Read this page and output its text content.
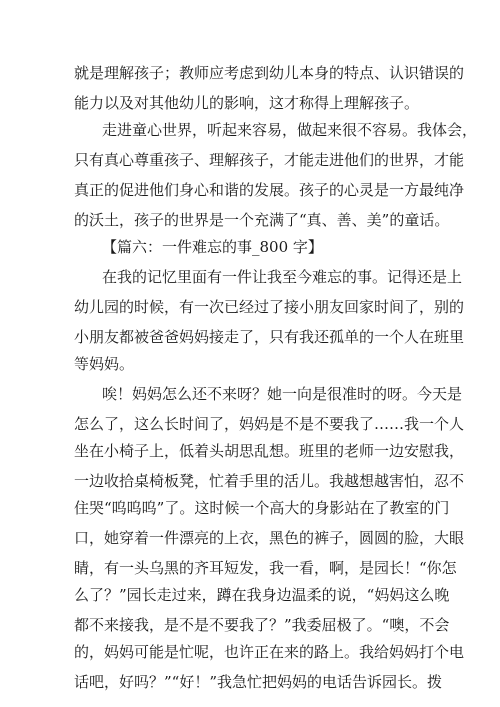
就是理解孩子；教师应考虑到幼儿本身的特点、认识错误的
能力以及对其他幼儿的影响，这才称得上理解孩子。
走进童心世界，听起来容易，做起来很不容易。我体会，
只有真心尊重孩子、理解孩子，才能走进他们的世界，才能
真正的促进他们身心和谐的发展。孩子的心灵是一方最纯净
的沃土，孩子的世界是一个充满了“真、善、美”的童话。
【篇六：一件难忘的事_800 字】
在我的记忆里面有一件让我至今难忘的事。记得还是上
幼儿园的时候，有一次已经过了接小朋友回家时间了，别的
小朋友都被爸爸妈妈接走了，只有我还孤单的一个人在班里
等妈妈。
唉！妈妈怎么还不来呀？她一向是很准时的呀。今天是
怎么了，这么长时间了，妈妈是不是不要我了……我一个人
坐在小椅子上，低着头胡思乱想。班里的老师一边安慰我，
一边收拾桌椅板凳，忙着手里的活儿。我越想越害怕，忍不
住哭“呜呜呜”了。这时候一个高大的身影站在了教室的门
口，她穿着一件漂亮的上衣，黑色的裤子，圆圆的脸，大眼
睛，有一头乌黑的齐耳短发，我一看，啊，是园长！“你怎
么了？”园长走过来，蹲在我身边温柔的说，“妈妈这么晚
都不来接我，是不是不要我了？”我委屈极了。“噢，不会
的，妈妈可能是忙呢，也许正在来的路上。我给妈妈打个电
话吧，好吗？”“好！”我急忙把妈妈的电话告诉园长。拨
